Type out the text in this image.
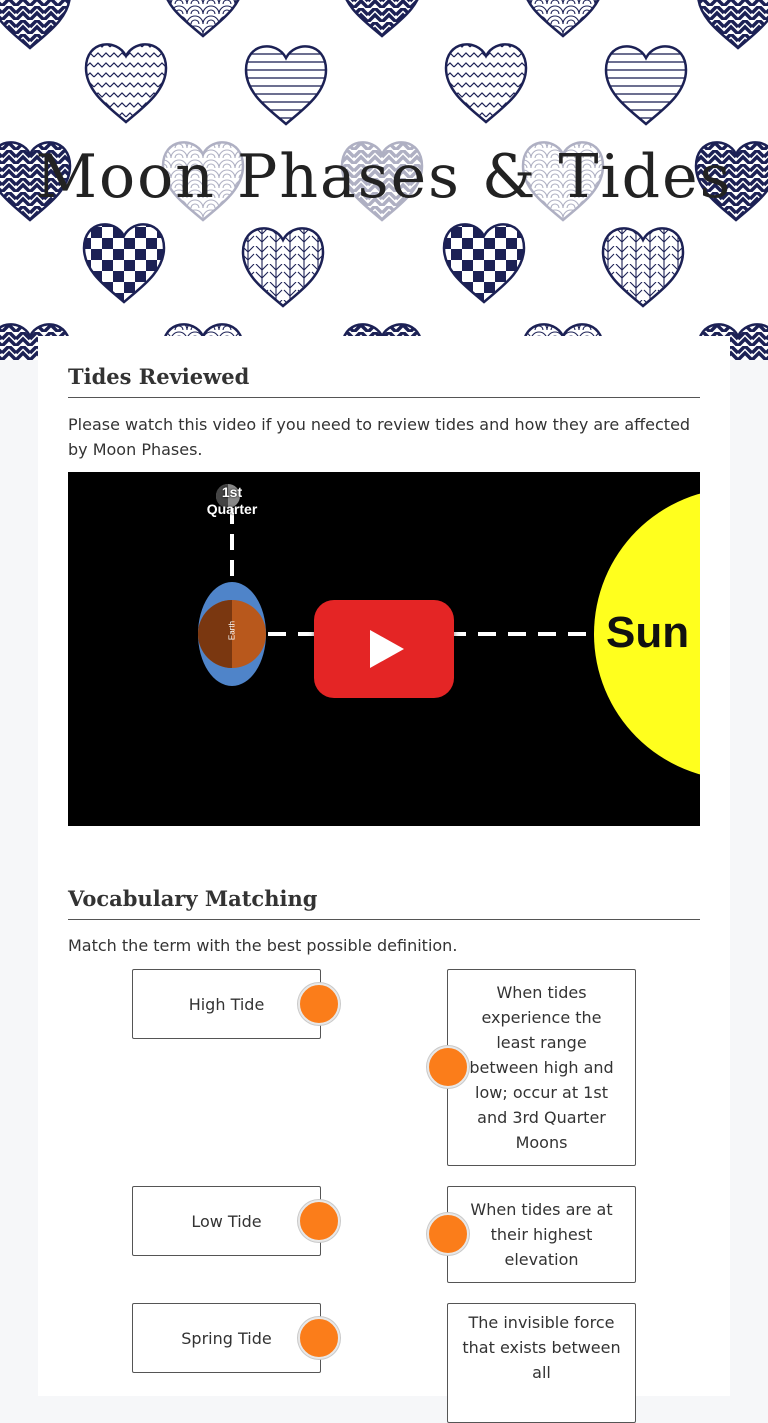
Moon Phases & Tides
Tides Reviewed

Please watch this video if you need to review tides and how they are affected by Moon Phases.

1st Quarter
Earth	Sun
Vocabulary Matching

Match the term with the best possible definition.

High Tide
Low Tide
Spring Tide
When tides experience the least range between high and low; occur at 1st and 3rd Quarter Moons
When tides are at their highest elevation
The invisible force that exists between all
